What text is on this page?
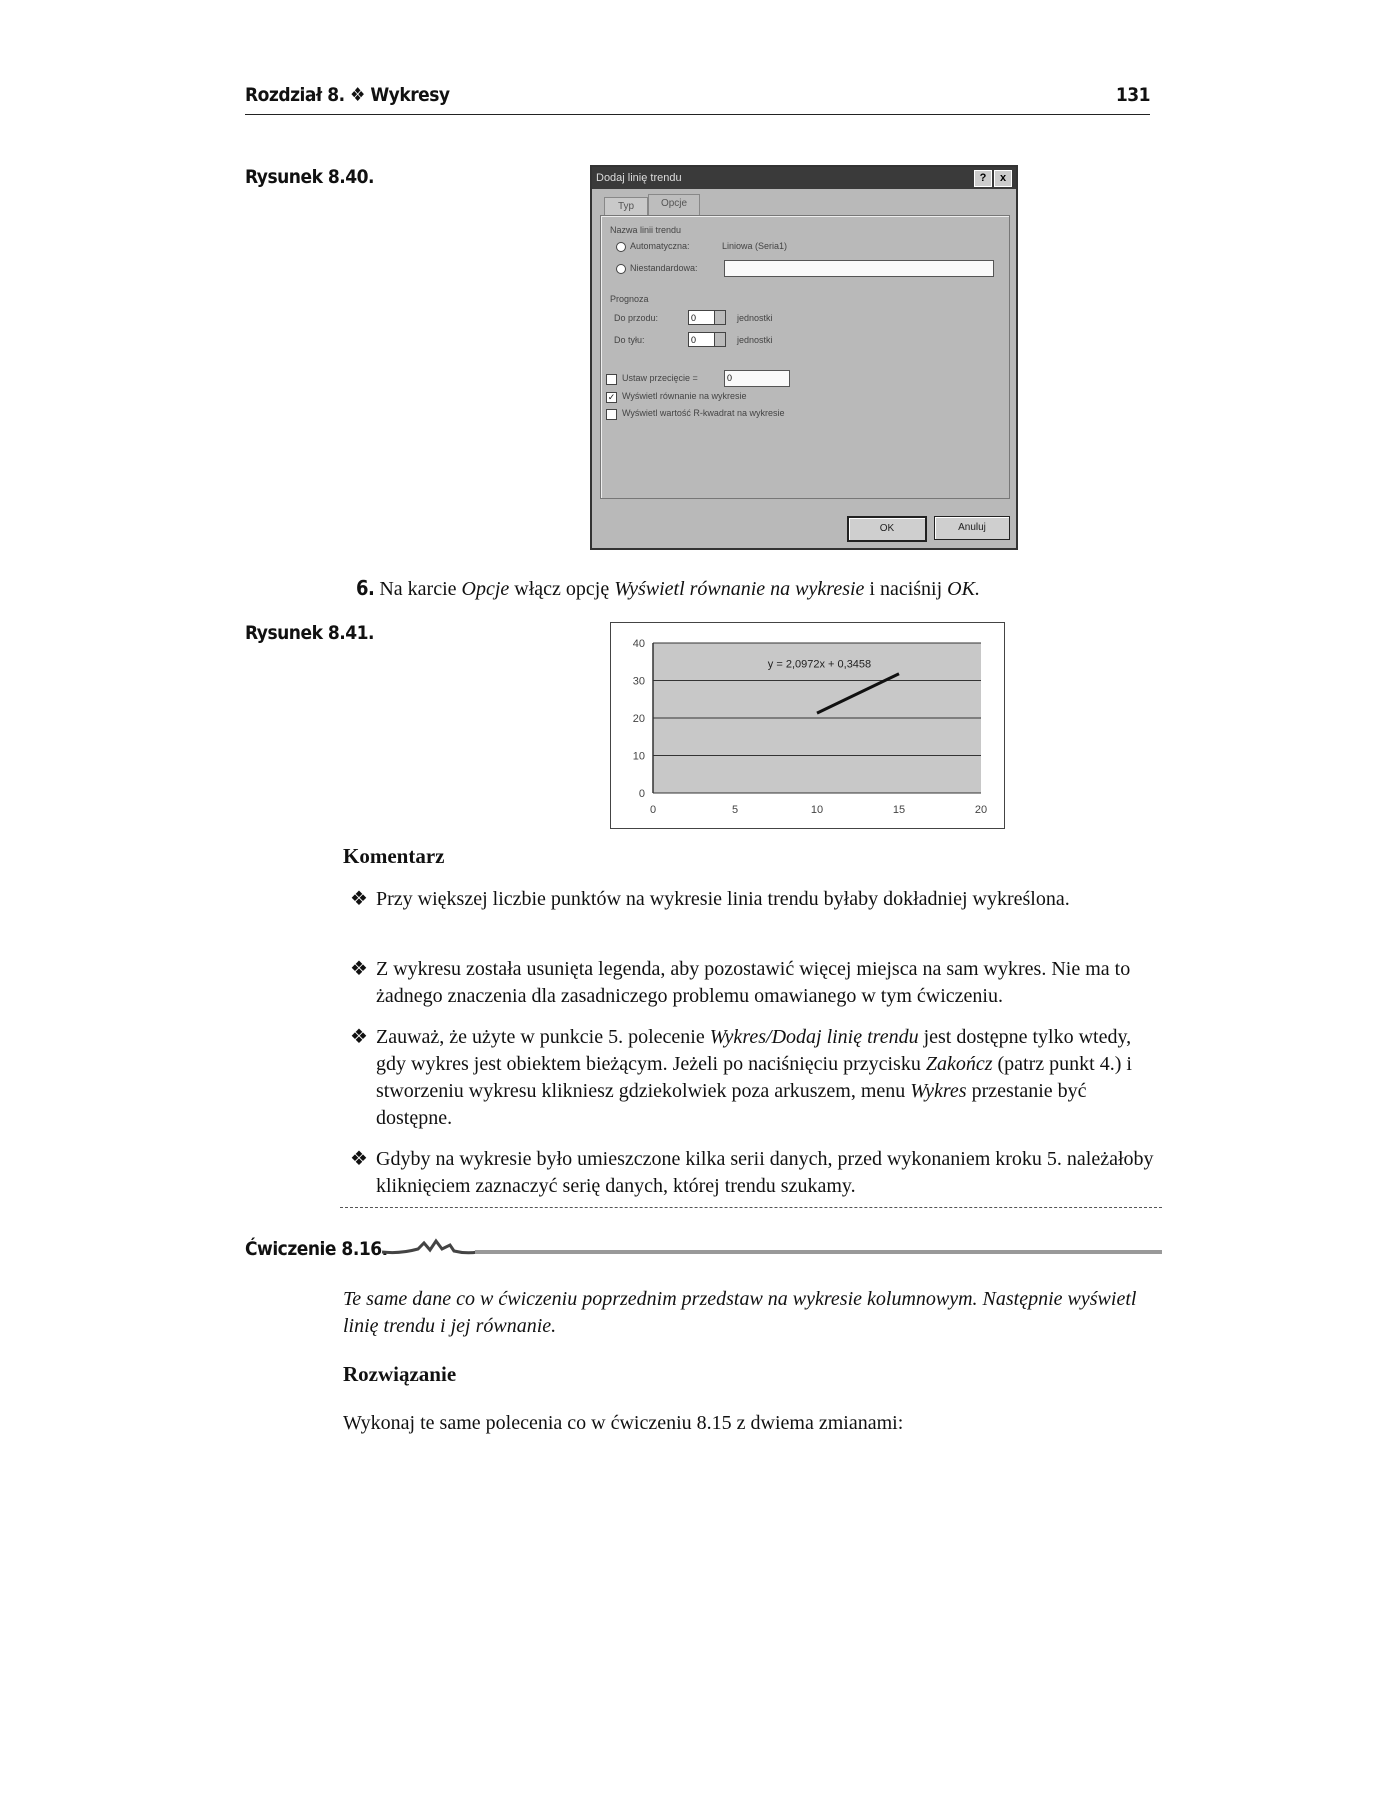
Rozdział 8. ❖ Wykresy	131
Rysunek 8.40.	Dodaj linię trendu	?	x
Typ	Opcje
Nazwa linii trendu
Automatyczna:	Liniowa (Seria1)
Niestandardowa:
Prognoza
Do przodu:	0	jednostki
Do tyłu:	0	jednostki
Ustaw przecięcie =	0
✓ Wyświetl równanie na wykresie
Wyświetl wartość R-kwadrat na wykresie
OK	Anuluj
6. Na karcie Opcje włącz opcję Wyświetl równanie na wykresie i naciśnij OK.
Rysunek 8.41.
0
10
20
30
40
0	5	10	15	20
y = 2,0972x + 0,3458
Komentarz
❖ Przy większej liczbie punktów na wykresie linia trendu byłaby dokładniej wykreślona.
❖ Z wykresu została usunięta legenda, aby pozostawić więcej miejsca na sam wykres. Nie ma to żadnego znaczenia dla zasadniczego problemu omawianego w tym ćwiczeniu.
❖ Zauważ, że użyte w punkcie 5. polecenie Wykres/Dodaj linię trendu jest dostępne tylko wtedy, gdy wykres jest obiektem bieżącym. Jeżeli po naciśnięciu przycisku Zakończ (patrz punkt 4.) i stworzeniu wykresu klikniesz gdziekolwiek poza arkuszem, menu Wykres przestanie być dostępne.
❖ Gdyby na wykresie było umieszczone kilka serii danych, przed wykonaniem kroku 5. należałoby kliknięciem zaznaczyć serię danych, której trendu szukamy.
Ćwiczenie 8.16.
Te same dane co w ćwiczeniu poprzednim przedstaw na wykresie kolumnowym. Następnie wyświetl linię trendu i jej równanie.
Rozwiązanie
Wykonaj te same polecenia co w ćwiczeniu 8.15 z dwiema zmianami:
